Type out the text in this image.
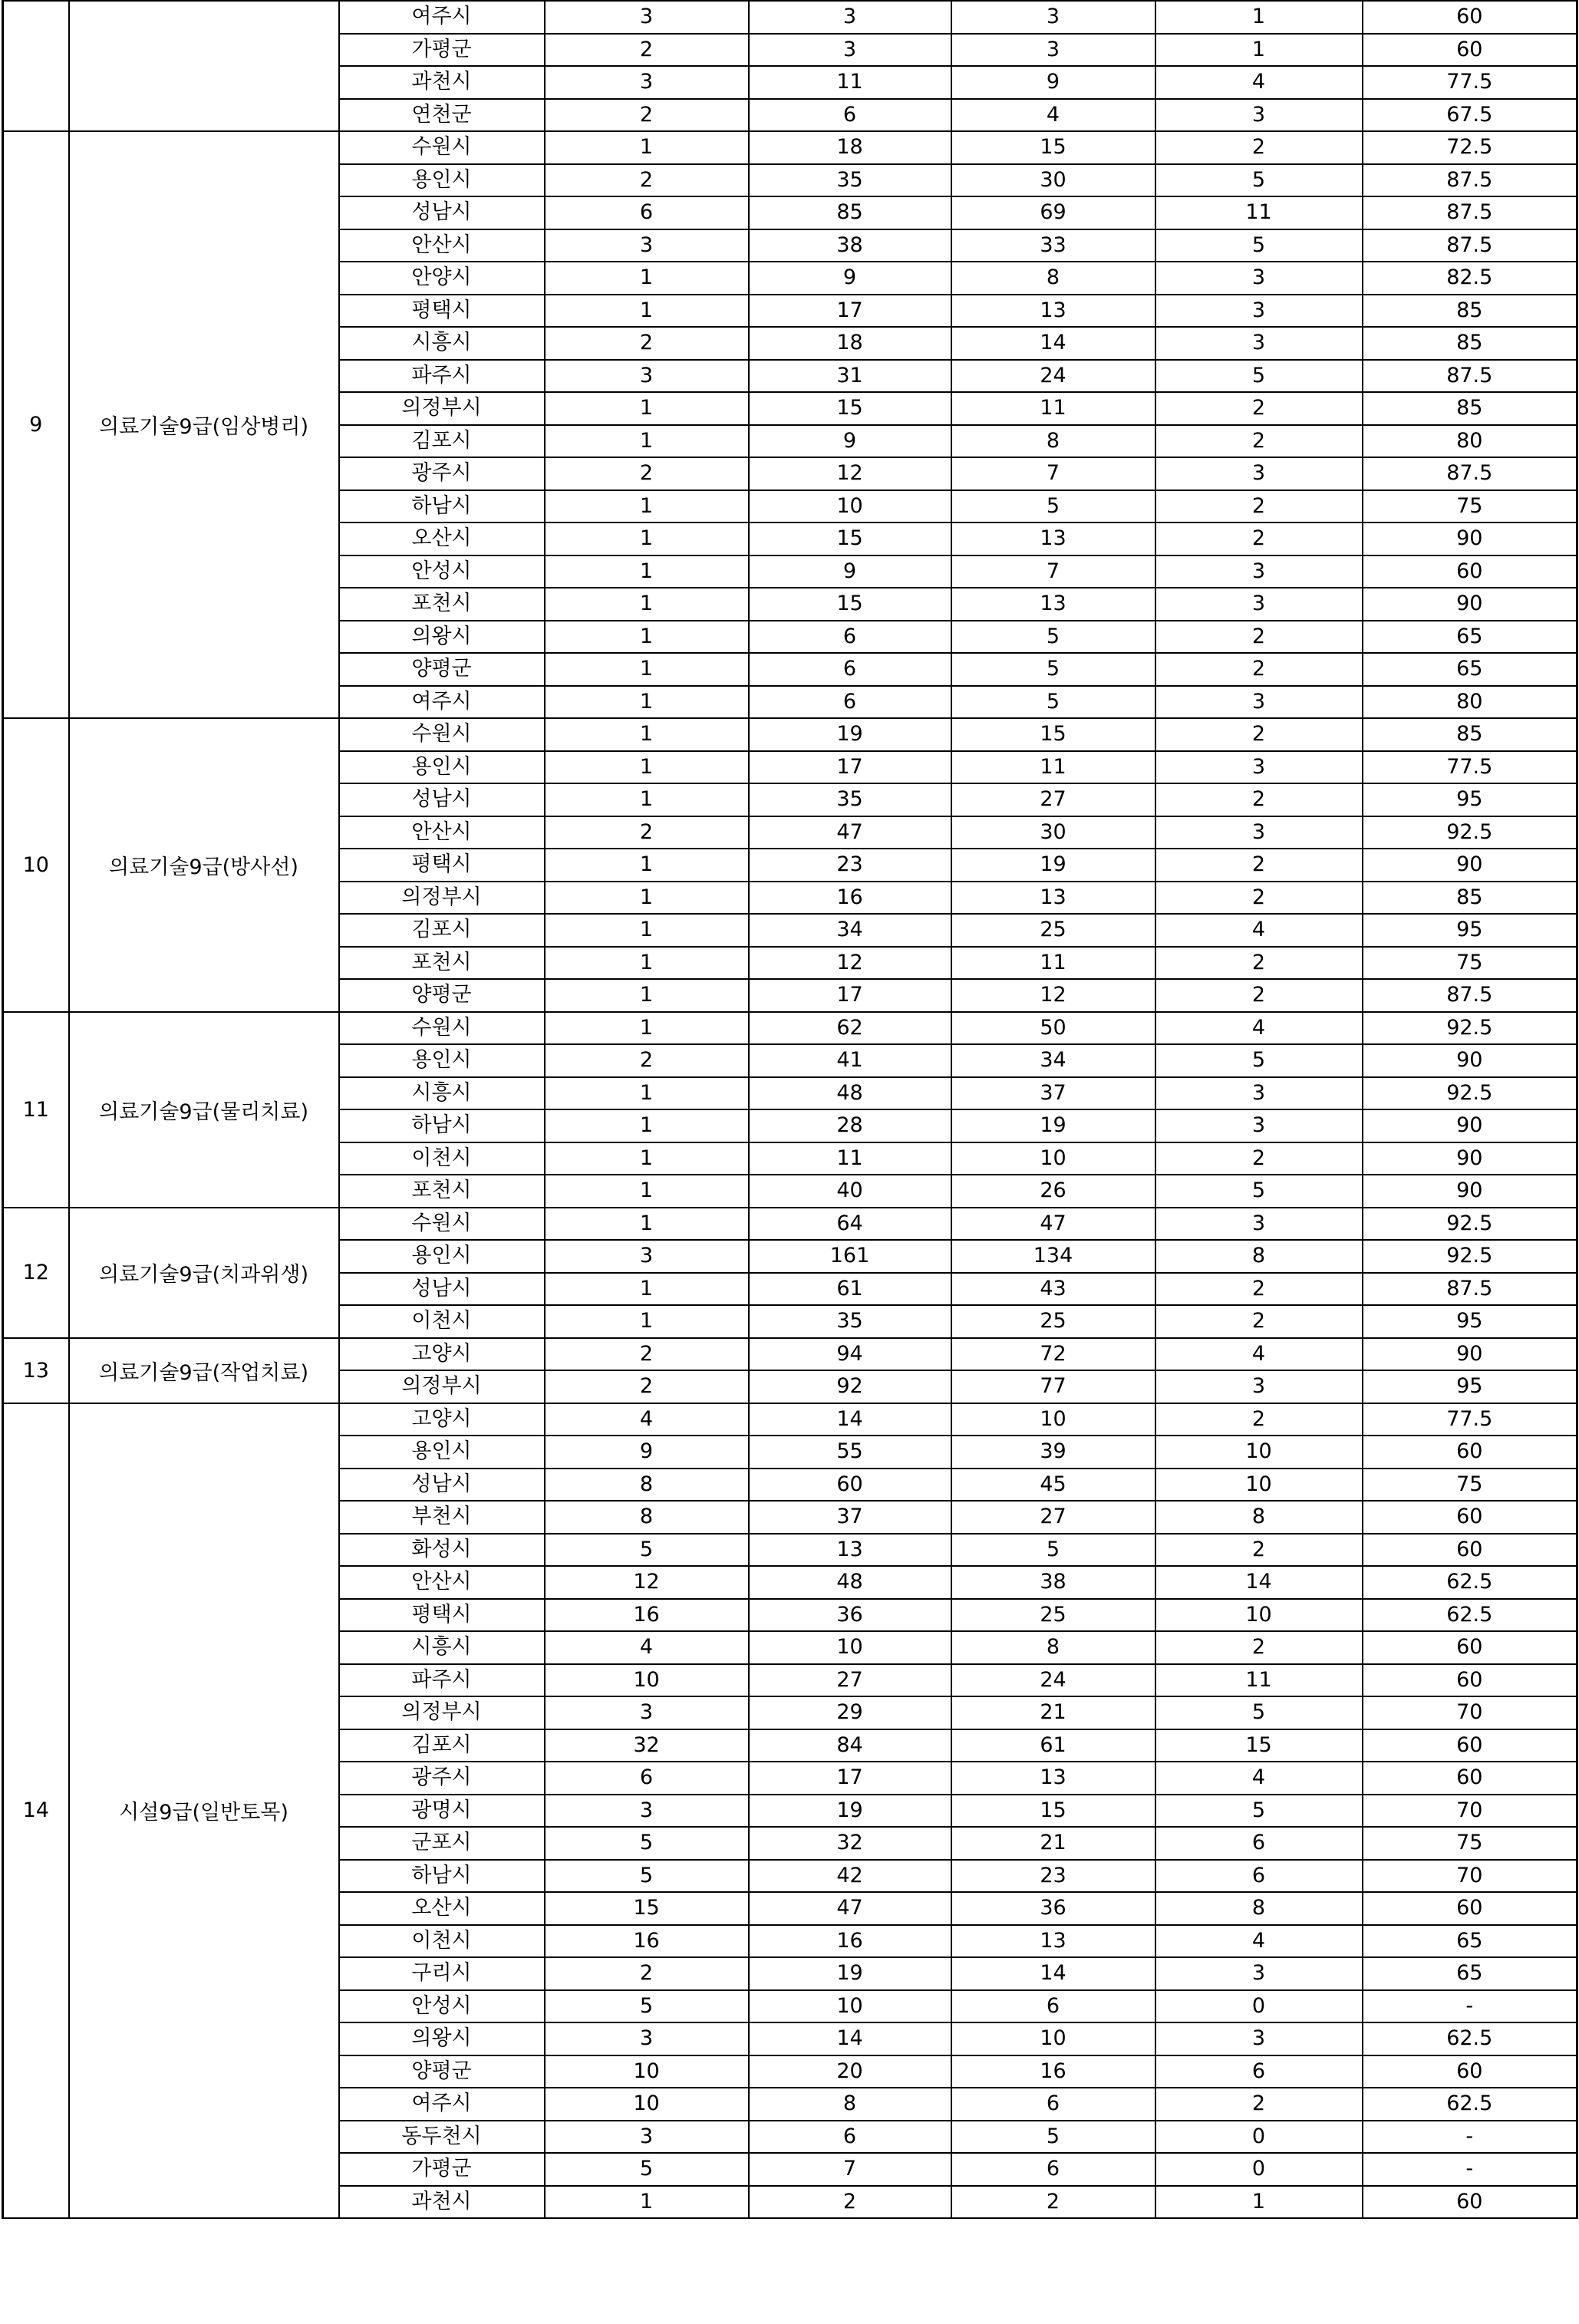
		여주시	3	3	3	1	60
		가평군	2	3	3	1	60
		과천시	3	11	9	4	77.5
		연천군	2	6	4	3	67.5
9	의료기술9급(임상병리)	수원시	1	18	15	2	72.5
		용인시	2	35	30	5	87.5
		성남시	6	85	69	11	87.5
		안산시	3	38	33	5	87.5
		안양시	1	9	8	3	82.5
		평택시	1	17	13	3	85
		시흥시	2	18	14	3	85
		파주시	3	31	24	5	87.5
		의정부시	1	15	11	2	85
		김포시	1	9	8	2	80
		광주시	2	12	7	3	87.5
		하남시	1	10	5	2	75
		오산시	1	15	13	2	90
		안성시	1	9	7	3	60
		포천시	1	15	13	3	90
		의왕시	1	6	5	2	65
		양평군	1	6	5	2	65
		여주시	1	6	5	3	80
10	의료기술9급(방사선)	수원시	1	19	15	2	85
		용인시	1	17	11	3	77.5
		성남시	1	35	27	2	95
		안산시	2	47	30	3	92.5
		평택시	1	23	19	2	90
		의정부시	1	16	13	2	85
		김포시	1	34	25	4	95
		포천시	1	12	11	2	75
		양평군	1	17	12	2	87.5
11	의료기술9급(물리치료)	수원시	1	62	50	4	92.5
		용인시	2	41	34	5	90
		시흥시	1	48	37	3	92.5
		하남시	1	28	19	3	90
		이천시	1	11	10	2	90
		포천시	1	40	26	5	90
12	의료기술9급(치과위생)	수원시	1	64	47	3	92.5
		용인시	3	161	134	8	92.5
		성남시	1	61	43	2	87.5
		이천시	1	35	25	2	95
13	의료기술9급(작업치료)	고양시	2	94	72	4	90
		의정부시	2	92	77	3	95
14	시설9급(일반토목)	고양시	4	14	10	2	77.5
		용인시	9	55	39	10	60
		성남시	8	60	45	10	75
		부천시	8	37	27	8	60
		화성시	5	13	5	2	60
		안산시	12	48	38	14	62.5
		평택시	16	36	25	10	62.5
		시흥시	4	10	8	2	60
		파주시	10	27	24	11	60
		의정부시	3	29	21	5	70
		김포시	32	84	61	15	60
		광주시	6	17	13	4	60
		광명시	3	19	15	5	70
		군포시	5	32	21	6	75
		하남시	5	42	23	6	70
		오산시	15	47	36	8	60
		이천시	16	16	13	4	65
		구리시	2	19	14	3	65
		안성시	5	10	6	0	-
		의왕시	3	14	10	3	62.5
		양평군	10	20	16	6	60
		여주시	10	8	6	2	62.5
		동두천시	3	6	5	0	-
		가평군	5	7	6	0	-
		과천시	1	2	2	1	60
